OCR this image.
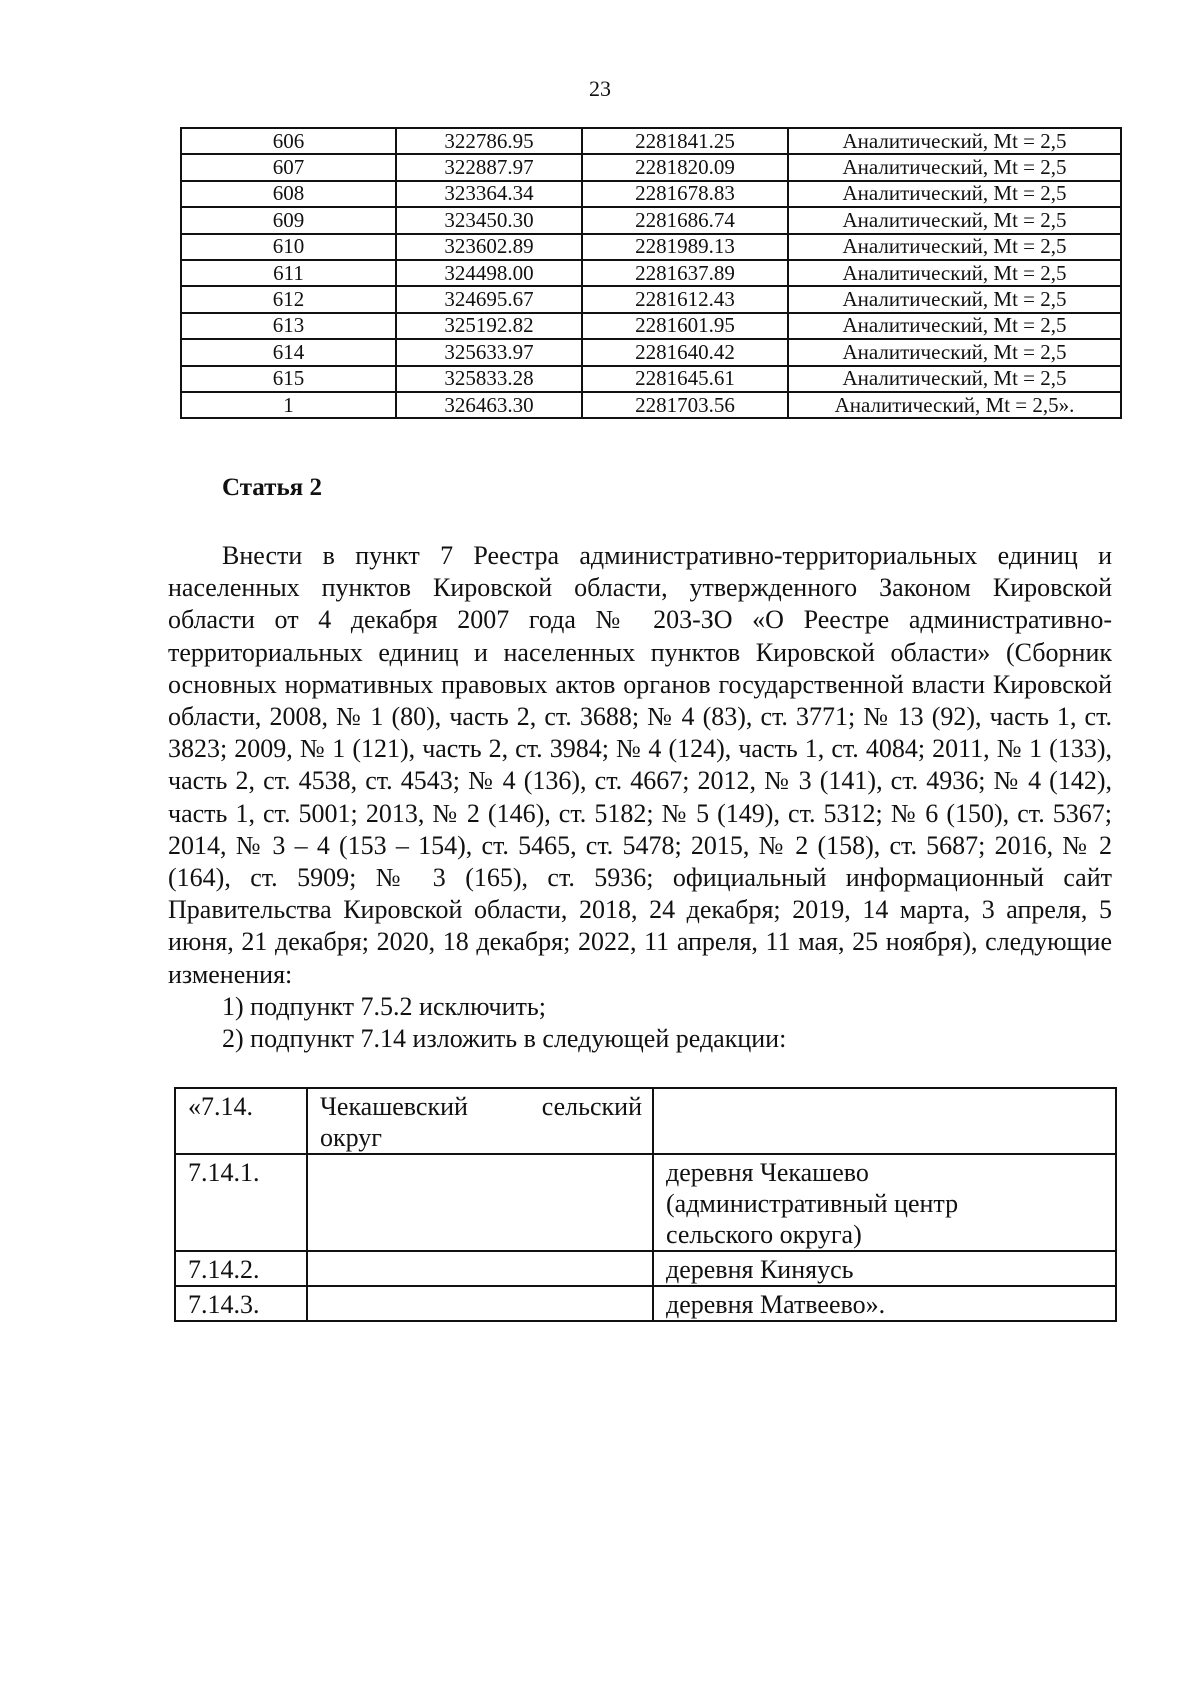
23
606	322786.95	2281841.25	Аналитический, Mt = 2,5
607	322887.97	2281820.09	Аналитический, Mt = 2,5
608	323364.34	2281678.83	Аналитический, Mt = 2,5
609	323450.30	2281686.74	Аналитический, Mt = 2,5
610	323602.89	2281989.13	Аналитический, Mt = 2,5
611	324498.00	2281637.89	Аналитический, Mt = 2,5
612	324695.67	2281612.43	Аналитический, Mt = 2,5
613	325192.82	2281601.95	Аналитический, Mt = 2,5
614	325633.97	2281640.42	Аналитический, Mt = 2,5
615	325833.28	2281645.61	Аналитический, Mt = 2,5
1	326463.30	2281703.56	Аналитический, Mt = 2,5».
Статья 2

Внести в пункт 7 Реестра административно-территориальных единиц и населенных пунктов Кировской области, утвержденного Законом Кировской области от 4 декабря 2007 года № 203-ЗО «О Реестре административно-территориальных единиц и населенных пунктов Кировской области» (Сборник основных нормативных правовых актов органов государственной власти Кировской области, 2008, № 1 (80), часть 2, ст. 3688; № 4 (83), ст. 3771; № 13 (92), часть 1, ст. 3823; 2009, № 1 (121), часть 2, ст. 3984; № 4 (124), часть 1, ст. 4084; 2011, № 1 (133), часть 2, ст. 4538, ст. 4543; № 4 (136), ст. 4667; 2012, № 3 (141), ст. 4936; № 4 (142), часть 1, ст. 5001; 2013, № 2 (146), ст. 5182; № 5 (149), ст. 5312; № 6 (150), ст. 5367; 2014, № 3 – 4 (153 – 154), ст. 5465, ст. 5478; 2015, № 2 (158), ст. 5687; 2016, № 2 (164), ст. 5909; № 3 (165), ст. 5936; официальный информационный сайт Правительства Кировской области, 2018, 24 декабря; 2019, 14 марта, 3 апреля, 5 июня, 21 декабря; 2020, 18 декабря; 2022, 11 апреля, 11 мая, 25 ноября), следующие изменения:

1) подпункт 7.5.2 исключить;
2) подпункт 7.14 изложить в следующей редакции:
«7.14.	Чекашевский сельский
округ	

7.14.1.		деревня Чекашево (административный центр сельского округа)
7.14.2.		деревня Киняусь
7.14.3.		деревня Матвеево».
